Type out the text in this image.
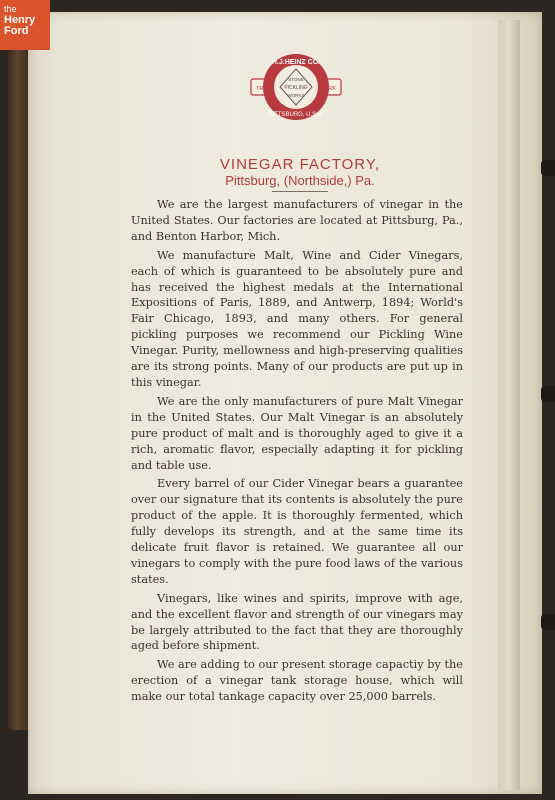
the
Henry
Ford
H.J.HEINZ CO.
PITTSBURG, U.S.A.
TRADE	MARK
STONE
PICKLING
WORKS
VINEGAR FACTORY,
Pittsburg, (Northside,) Pa.

We are the largest manufacturers of vinegar in the United States. Our factories are located at Pittsburg, Pa., and Benton Harbor, Mich.

We manufacture Malt, Wine and Cider Vinegars, each of which is guaranteed to be absolutely pure and has received the highest medals at the International Expositions of Paris, 1889, and Antwerp, 1894; World's Fair Chicago, 1893, and many others. For general pickling purposes we recommend our Pickling Wine Vinegar. Purity, mellowness and high-preserving qualities are its strong points. Many of our products are put up in this vinegar.

We are the only manufacturers of pure Malt Vinegar in the United States. Our Malt Vinegar is an absolutely pure product of malt and is thoroughly aged to give it a rich, aromatic flavor, especially adapting it for pickling and table use.

Every barrel of our Cider Vinegar bears a guarantee over our signature that its contents is absolutely the pure product of the apple. It is thoroughly fermented, which fully develops its strength, and at the same time its delicate fruit flavor is retained. We guarantee all our vinegars to comply with the pure food laws of the various states.

Vinegars, like wines and spirits, improve with age, and the excellent flavor and strength of our vinegars may be largely attributed to the fact that they are thoroughly aged before shipment.

We are adding to our present storage capactiy by the erection of a vinegar tank storage house, which will make our total tankage capacity over 25,000 barrels.
